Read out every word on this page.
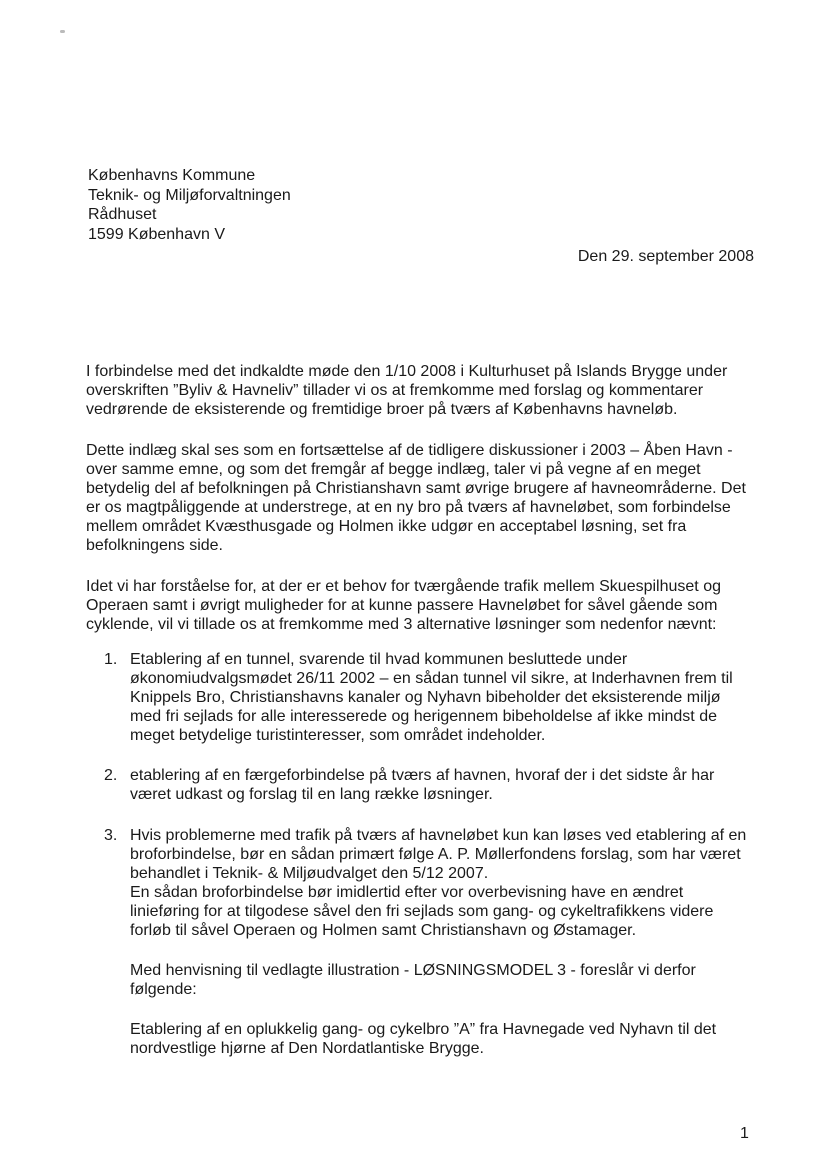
Københavns Kommune
Teknik- og Miljøforvaltningen
Rådhuset
1599 København V
Den 29. september 2008
I forbindelse med det indkaldte møde den 1/10 2008 i Kulturhuset på Islands Brygge under overskriften ”Byliv & Havneliv” tillader vi os at fremkomme med forslag og kommentarer vedrørende de eksisterende og fremtidige broer på tværs af Københavns havneløb.
Dette indlæg skal ses som en fortsættelse af de tidligere diskussioner i 2003 – Åben Havn - over samme emne, og som det fremgår af begge indlæg, taler vi på vegne af en meget betydelig del af befolkningen på Christianshavn samt øvrige brugere af havneområderne. Det er os magtpåliggende at understrege, at en ny bro på tværs af havneløbet, som forbindelse mellem området Kvæsthusgade og Holmen ikke udgør en acceptabel løsning, set fra befolkningens side.
Idet vi har forståelse for, at der er et behov for tværgående trafik mellem Skuespilhuset og Operaen samt i øvrigt muligheder for at kunne passere Havneløbet for såvel gående som cyklende, vil vi tillade os at fremkomme med 3 alternative løsninger som nedenfor nævnt:
1. Etablering af en tunnel, svarende til hvad kommunen besluttede under økonomiudvalgsmødet 26/11 2002 – en sådan tunnel vil sikre, at Inderhavnen frem til Knippels Bro, Christianshavns kanaler og Nyhavn bibeholder det eksisterende miljø med fri sejlads for alle interesserede og herigennem bibeholdelse af ikke mindst de meget betydelige turistinteresser, som området indeholder.
2. etablering af en færgeforbindelse på tværs af havnen, hvoraf der i det sidste år har været udkast og forslag til en lang række løsninger.
3. Hvis problemerne med trafik på tværs af havneløbet kun kan løses ved etablering af en broforbindelse, bør en sådan primært følge A. P. Møllerfondens forslag, som har været behandlet i Teknik- & Miljøudvalget den 5/12 2007.
En sådan broforbindelse bør imidlertid efter vor overbevisning have en ændret linieføring for at tilgodese såvel den fri sejlads som gang- og cykeltrafikkens videre forløb til såvel Operaen og Holmen samt Christianshavn og Østamager.
Med henvisning til vedlagte illustration - LØSNINGSMODEL 3 - foreslår vi derfor følgende:
Etablering af en oplukkelig gang- og cykelbro ”A” fra Havnegade ved Nyhavn til det nordvestlige hjørne af Den Nordatlantiske Brygge.
1
